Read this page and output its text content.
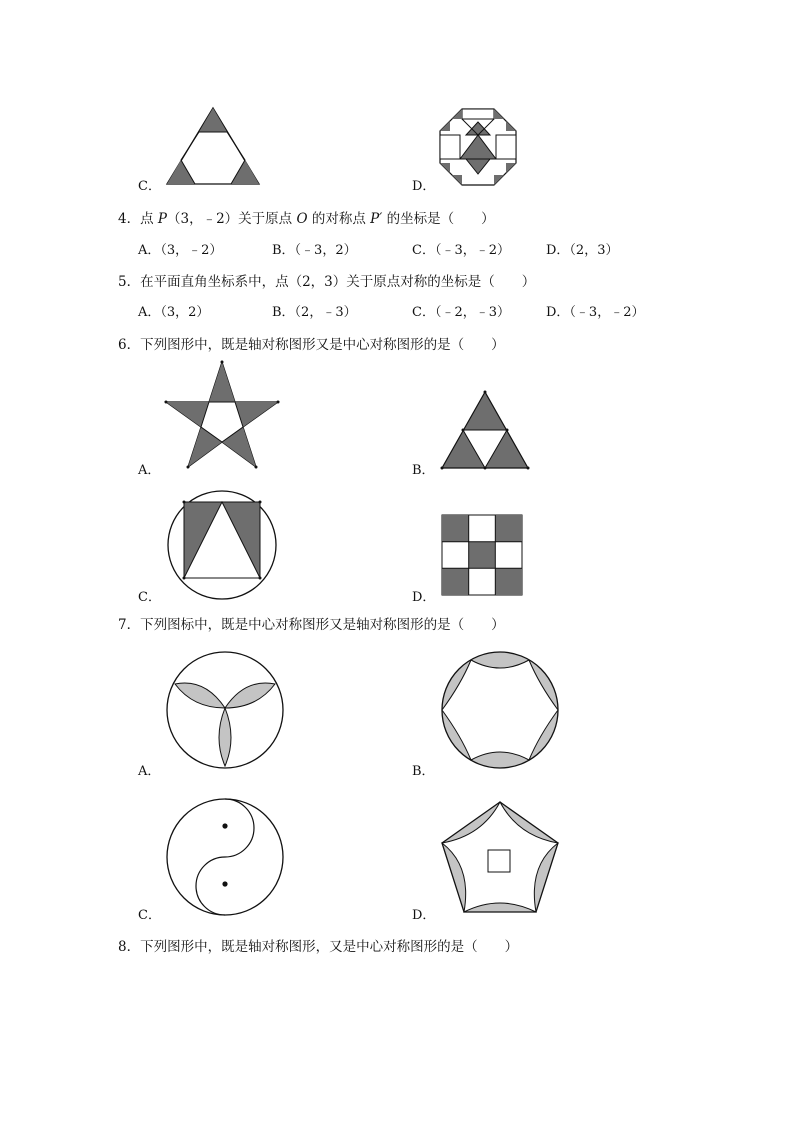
C．	D．
4．点 P（3，﹣2）关于原点 O 的对称点 P′ 的坐标是（　　）
A．（3，﹣2）	B．（﹣3，2）	C．（﹣3，﹣2）	D．（2，3）
5．在平面直角坐标系中，点（2，3）关于原点对称的坐标是（　　）
A．（3，2）	B．（2，﹣3）	C．（﹣2，﹣3）	D．（﹣3，﹣2）
6．下列图形中，既是轴对称图形又是中心对称图形的是（　　）
A．	B．
C．	D．
7．下列图标中，既是中心对称图形又是轴对称图形的是（　　）
A．	B．
C．	D．
8．下列图形中，既是轴对称图形，又是中心对称图形的是（　　）
